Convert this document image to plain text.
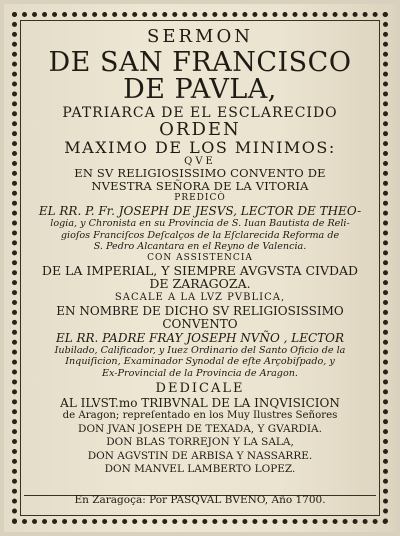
SERMON
DE SAN FRANCISCO
DE PAVLA,
PATRIARCA DE EL ESCLARECIDO
ORDEN
MAXIMO DE LOS MINIMOS:
QVE
EN SV RELIGIOSISSIMO CONVENTO DE
NVESTRA SEÑORA DE LA VITORIA
PREDICÒ
EL RR. P. Fr. JOSEPH DE JESVS, LECTOR DE THEO-
logia, y Chronista en su Provincia de S. Iuan Bautista de Reli-
gioſos Franciſcos Deſcalços de la Eſclarecida Reforma de
S. Pedro Alcantara en el Reyno de Valencia.
CON ASSISTENCIA
DE LA IMPERIAL, Y SIEMPRE AVGVSTA CIVDAD
DE ZARAGOZA.
SACALE A LA LVZ PVBLICA,
EN NOMBRE DE DICHO SV RELIGIOSISSIMO
CONVENTO
EL RR. PADRE FRAY JOSEPH NVÑO , LECTOR
Iubilado, Calificador, y Iuez Ordinario del Santo Oficio de la
Inquiſicion, Examinador Synodal de eſte Arçobiſpado, y
Ex-Provincial de la Provincia de Aragon.
DEDICALE
AL ILVST.mo TRIBVNAL DE LA INQVISICION
de Aragon; repreſentado en los Muy Ilustres Señores
DON JVAN JOSEPH DE TEXADA, Y GVARDIA.
DON BLAS TORREJON Y LA SALA,
DON AGVSTIN DE ARBISA Y NASSARRE.
DON MANVEL LAMBERTO LOPEZ.
En Zaragoça: Por PASQVAL BVENO, Año 1700.
